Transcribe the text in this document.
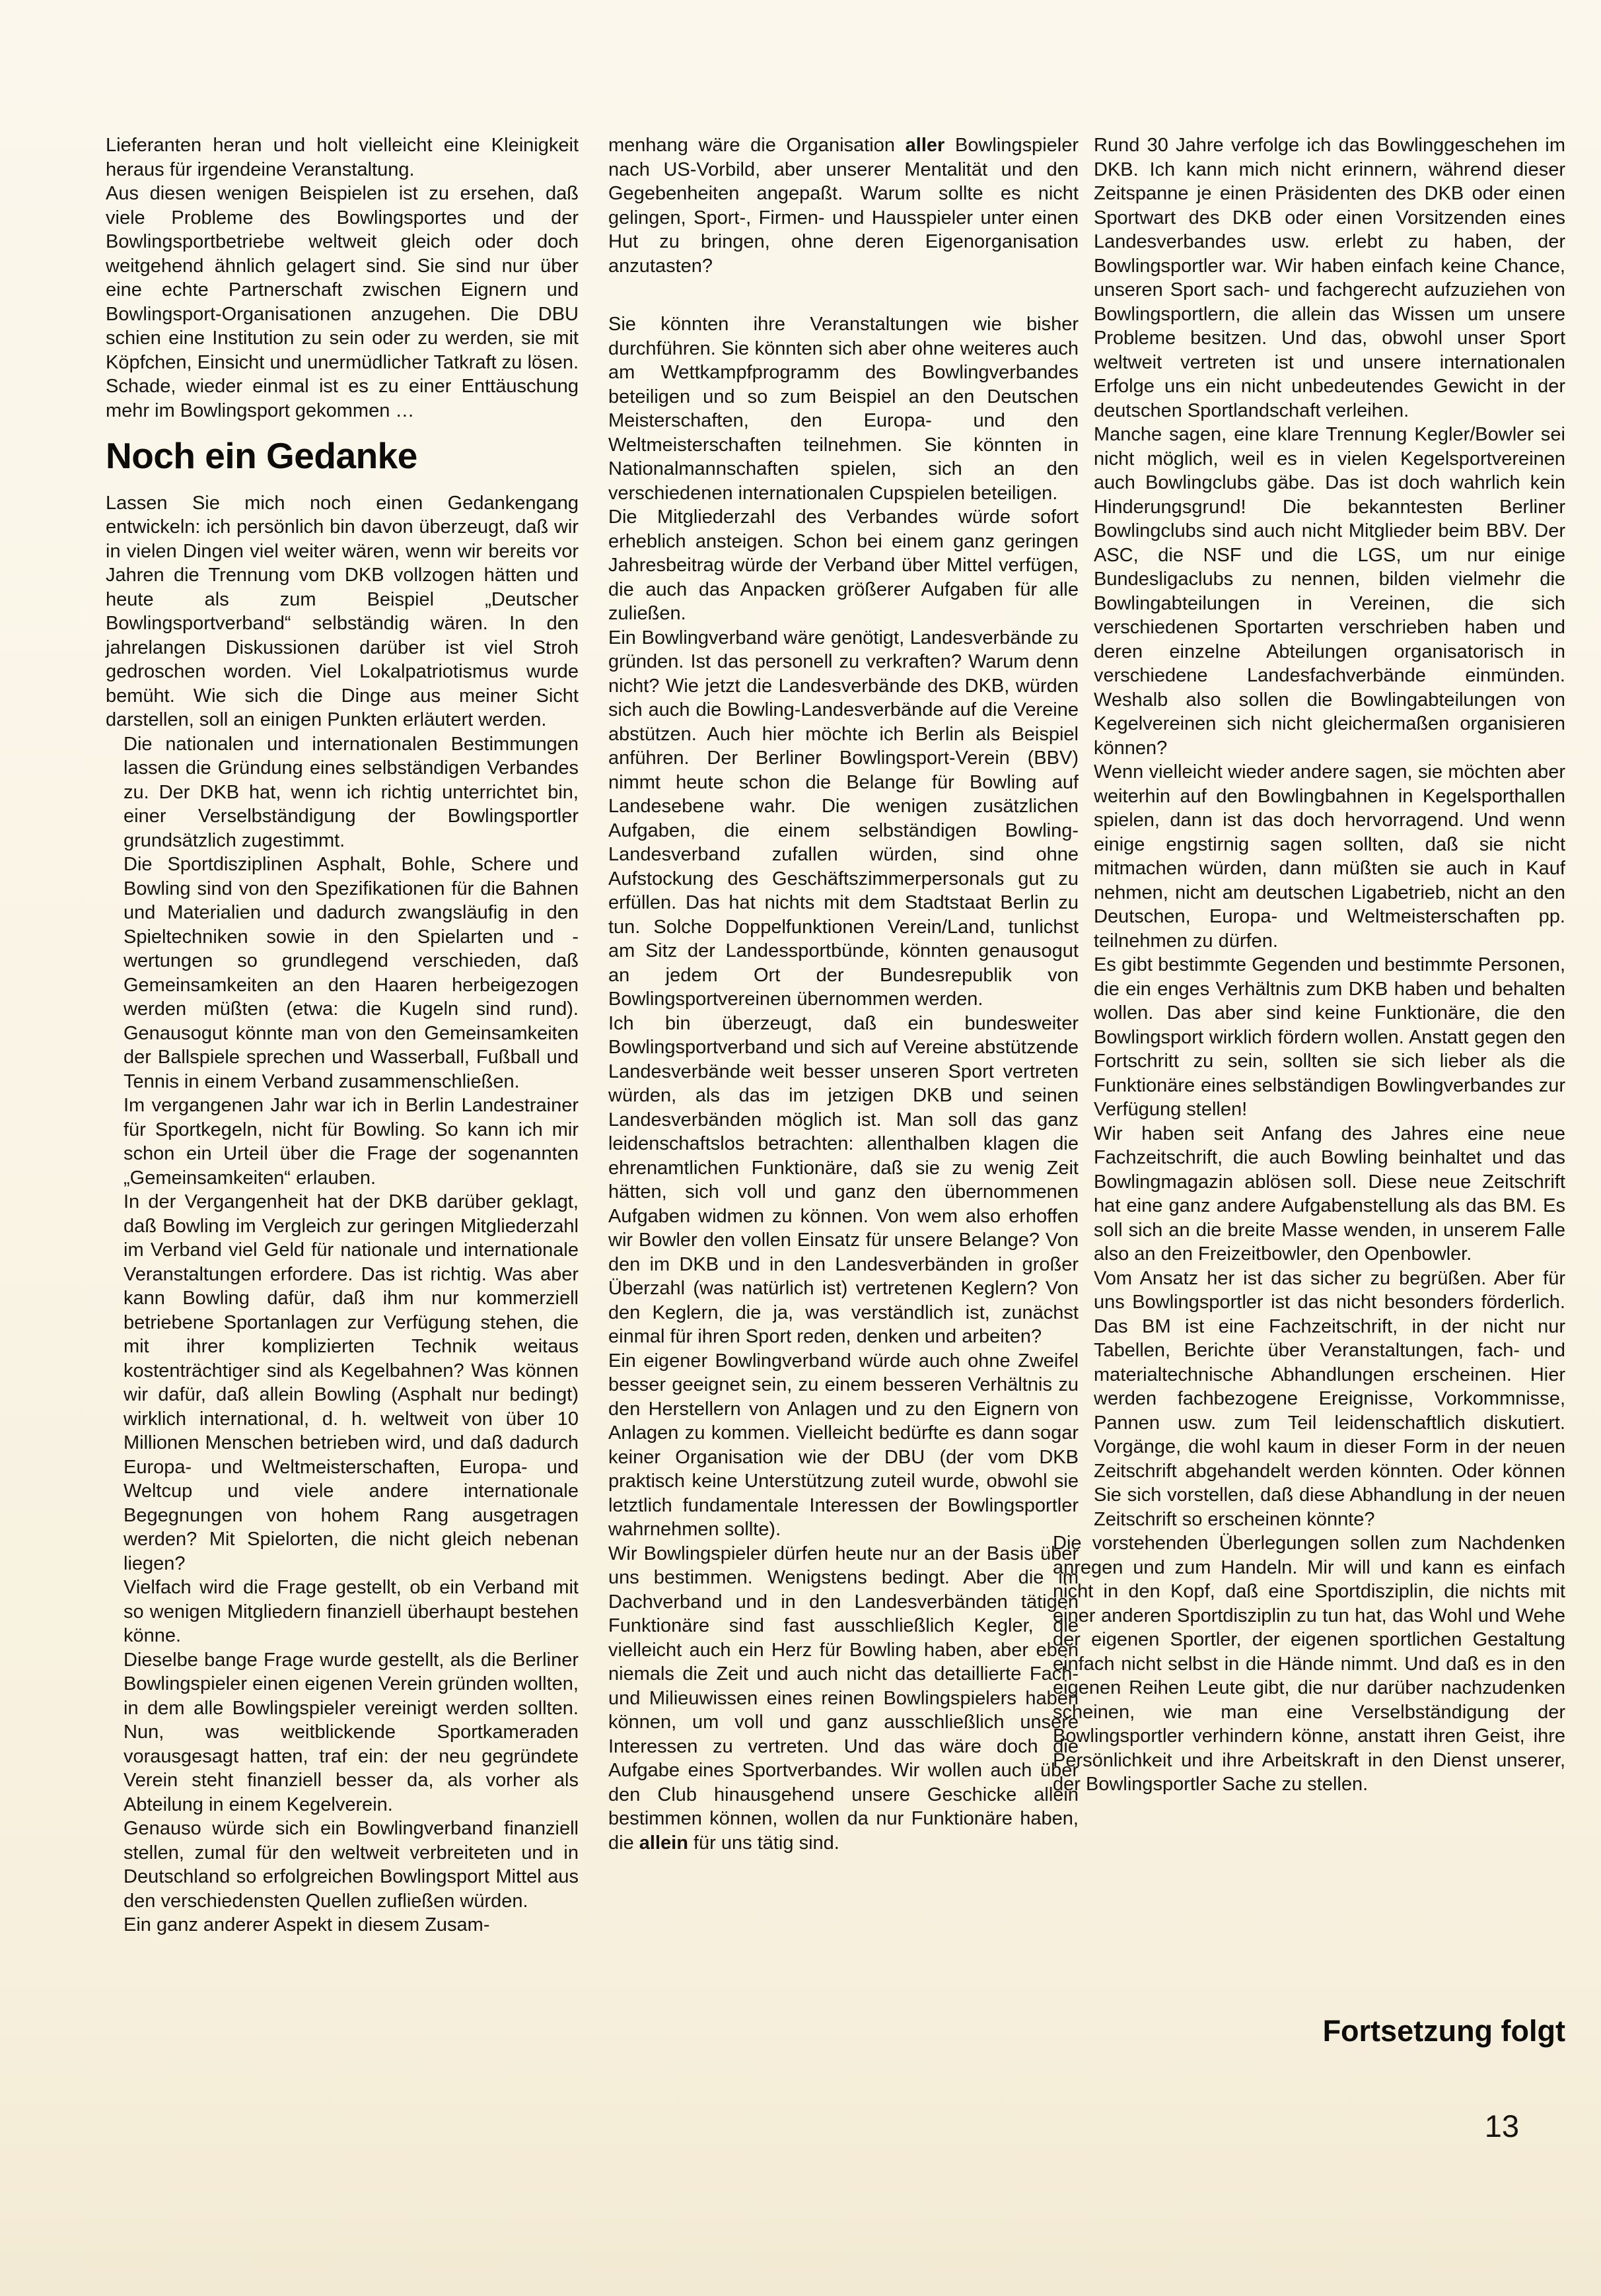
Lieferanten heran und holt vielleicht eine Kleinigkeit heraus für irgendeine Veranstaltung.

Aus diesen wenigen Beispielen ist zu ersehen, daß viele Probleme des Bowlingsportes und der Bowlingsportbetriebe weltweit gleich oder doch weitgehend ähnlich gelagert sind. Sie sind nur über eine echte Partnerschaft zwischen Eignern und Bowlingsport-Organisationen anzugehen. Die DBU schien eine Institution zu sein oder zu werden, sie mit Köpfchen, Einsicht und unermüdlicher Tatkraft zu lösen. Schade, wieder einmal ist es zu einer Enttäuschung mehr im Bowlingsport gekommen …

Noch ein Gedanke

Lassen Sie mich noch einen Gedankengang entwickeln: ich persönlich bin davon überzeugt, daß wir in vielen Dingen viel weiter wären, wenn wir bereits vor Jahren die Trennung vom DKB vollzogen hätten und heute als zum Beispiel „Deutscher Bowlingsportverband“ selbständig wären. In den jahrelangen Diskussionen darüber ist viel Stroh gedroschen worden. Viel Lokalpatriotismus wurde bemüht. Wie sich die Dinge aus meiner Sicht darstellen, soll an einigen Punkten erläutert werden.

Die nationalen und internationalen Bestimmungen lassen die Gründung eines selbständigen Verbandes zu. Der DKB hat, wenn ich richtig unterrichtet bin, einer Verselbständigung der Bowlingsportler grundsätzlich zugestimmt.

Die Sportdisziplinen Asphalt, Bohle, Schere und Bowling sind von den Spezifikationen für die Bahnen und Materialien und dadurch zwangsläufig in den Spieltechniken sowie in den Spielarten und -wertungen so grundlegend verschieden, daß Gemeinsamkeiten an den Haaren herbeigezogen werden müßten (etwa: die Kugeln sind rund). Genausogut könnte man von den Gemeinsamkeiten der Ballspiele sprechen und Wasserball, Fußball und Tennis in einem Verband zusammenschließen.

Im vergangenen Jahr war ich in Berlin Landestrainer für Sportkegeln, nicht für Bowling. So kann ich mir schon ein Urteil über die Frage der sogenannten „Gemeinsamkeiten“ erlauben.

In der Vergangenheit hat der DKB darüber geklagt, daß Bowling im Vergleich zur geringen Mitgliederzahl im Verband viel Geld für nationale und internationale Veranstaltungen erfordere. Das ist richtig. Was aber kann Bowling dafür, daß ihm nur kommerziell betriebene Sportanlagen zur Verfügung stehen, die mit ihrer komplizierten Technik weitaus kostenträchtiger sind als Kegelbahnen? Was können wir dafür, daß allein Bowling (Asphalt nur bedingt) wirklich international, d. h. weltweit von über 10 Millionen Menschen betrieben wird, und daß dadurch Europa- und Weltmeisterschaften, Europa- und Weltcup und viele andere internationale Begegnungen von hohem Rang ausgetragen werden? Mit Spielorten, die nicht gleich nebenan liegen?

Vielfach wird die Frage gestellt, ob ein Verband mit so wenigen Mitgliedern finanziell überhaupt bestehen könne.

Dieselbe bange Frage wurde gestellt, als die Berliner Bowlingspieler einen eigenen Verein gründen wollten, in dem alle Bowlingspieler vereinigt werden sollten. Nun, was weitblickende Sportkameraden vorausgesagt hatten, traf ein: der neu gegründete Verein steht finanziell besser da, als vorher als Abteilung in einem Kegelverein.

Genauso würde sich ein Bowlingverband finanziell stellen, zumal für den weltweit verbreiteten und in Deutschland so erfolgreichen Bowlingsport Mittel aus den verschiedensten Quellen zufließen würden.

Ein ganz anderer Aspekt in diesem Zusam-

menhang wäre die Organisation aller Bowlingspieler nach US-Vorbild, aber unserer Mentalität und den Gegebenheiten angepaßt. Warum sollte es nicht gelingen, Sport-, Firmen- und Hausspieler unter einen Hut zu bringen, ohne deren Eigenorganisation anzutasten?

Sie könnten ihre Veranstaltungen wie bisher durchführen. Sie könnten sich aber ohne weiteres auch am Wettkampfprogramm des Bowlingverbandes beteiligen und so zum Beispiel an den Deutschen Meisterschaften, den Europa- und den Weltmeisterschaften teilnehmen. Sie könnten in Nationalmannschaften spielen, sich an den verschiedenen internationalen Cupspielen beteiligen.

Die Mitgliederzahl des Verbandes würde sofort erheblich ansteigen. Schon bei einem ganz geringen Jahresbeitrag würde der Verband über Mittel verfügen, die auch das Anpacken größerer Aufgaben für alle zuließen.

Ein Bowlingverband wäre genötigt, Landesverbände zu gründen. Ist das personell zu verkraften? Warum denn nicht? Wie jetzt die Landesverbände des DKB, würden sich auch die Bowling-Landesverbände auf die Vereine abstützen. Auch hier möchte ich Berlin als Beispiel anführen. Der Berliner Bowlingsport-Verein (BBV) nimmt heute schon die Belange für Bowling auf Landesebene wahr. Die wenigen zusätzlichen Aufgaben, die einem selbständigen Bowling-Landesverband zufallen würden, sind ohne Aufstockung des Geschäftszimmerpersonals gut zu erfüllen. Das hat nichts mit dem Stadtstaat Berlin zu tun. Solche Doppelfunktionen Verein/Land, tunlichst am Sitz der Landessportbünde, könnten genausogut an jedem Ort der Bundesrepublik von Bowlingsportvereinen übernommen werden.

Ich bin überzeugt, daß ein bundesweiter Bowlingsportverband und sich auf Vereine abstützende Landesverbände weit besser unseren Sport vertreten würden, als das im jetzigen DKB und seinen Landesverbänden möglich ist. Man soll das ganz leidenschaftslos betrachten: allenthalben klagen die ehrenamtlichen Funktionäre, daß sie zu wenig Zeit hätten, sich voll und ganz den übernommenen Aufgaben widmen zu können. Von wem also erhoffen wir Bowler den vollen Einsatz für unsere Belange? Von den im DKB und in den Landesverbänden in großer Überzahl (was natürlich ist) vertretenen Keglern? Von den Keglern, die ja, was verständlich ist, zunächst einmal für ihren Sport reden, denken und arbeiten?

Ein eigener Bowlingverband würde auch ohne Zweifel besser geeignet sein, zu einem besseren Verhältnis zu den Herstellern von Anlagen und zu den Eignern von Anlagen zu kommen. Vielleicht bedürfte es dann sogar keiner Organisation wie der DBU (der vom DKB praktisch keine Unterstützung zuteil wurde, obwohl sie letztlich fundamentale Interessen der Bowlingsportler wahrnehmen sollte).

Wir Bowlingspieler dürfen heute nur an der Basis über uns bestimmen. Wenigstens bedingt. Aber die im Dachverband und in den Landesverbänden tätigen Funktionäre sind fast ausschließlich Kegler, die vielleicht auch ein Herz für Bowling haben, aber eben niemals die Zeit und auch nicht das detaillierte Fach- und Milieuwissen eines reinen Bowlingspielers haben können, um voll und ganz ausschließlich unsere Interessen zu vertreten. Und das wäre doch die Aufgabe eines Sportverbandes. Wir wollen auch über den Club hinausgehend unsere Geschicke allein bestimmen können, wollen da nur Funktionäre haben, die allein für uns tätig sind.

Rund 30 Jahre verfolge ich das Bowlinggeschehen im DKB. Ich kann mich nicht erinnern, während dieser Zeitspanne je einen Präsidenten des DKB oder einen Sportwart des DKB oder einen Vorsitzenden eines Landesverbandes usw. erlebt zu haben, der Bowlingsportler war. Wir haben einfach keine Chance, unseren Sport sach- und fachgerecht aufzuziehen von Bowlingsportlern, die allein das Wissen um unsere Probleme besitzen. Und das, obwohl unser Sport weltweit vertreten ist und unsere internationalen Erfolge uns ein nicht unbedeutendes Gewicht in der deutschen Sportlandschaft verleihen.

Manche sagen, eine klare Trennung Kegler/Bowler sei nicht möglich, weil es in vielen Kegelsportvereinen auch Bowlingclubs gäbe. Das ist doch wahrlich kein Hinderungsgrund! Die bekanntesten Berliner Bowlingclubs sind auch nicht Mitglieder beim BBV. Der ASC, die NSF und die LGS, um nur einige Bundesligaclubs zu nennen, bilden vielmehr die Bowlingabteilungen in Vereinen, die sich verschiedenen Sportarten verschrieben haben und deren einzelne Abteilungen organisatorisch in verschiedene Landesfachverbände einmünden. Weshalb also sollen die Bowlingabteilungen von Kegelvereinen sich nicht gleichermaßen organisieren können?

Wenn vielleicht wieder andere sagen, sie möchten aber weiterhin auf den Bowlingbahnen in Kegelsporthallen spielen, dann ist das doch hervorragend. Und wenn einige engstirnig sagen sollten, daß sie nicht mitmachen würden, dann müßten sie auch in Kauf nehmen, nicht am deutschen Ligabetrieb, nicht an den Deutschen, Europa- und Weltmeisterschaften pp. teilnehmen zu dürfen.

Es gibt bestimmte Gegenden und bestimmte Personen, die ein enges Verhältnis zum DKB haben und behalten wollen. Das aber sind keine Funktionäre, die den Bowlingsport wirklich fördern wollen. Anstatt gegen den Fortschritt zu sein, sollten sie sich lieber als die Funktionäre eines selbständigen Bowlingverbandes zur Verfügung stellen!

Wir haben seit Anfang des Jahres eine neue Fachzeitschrift, die auch Bowling beinhaltet und das Bowlingmagazin ablösen soll. Diese neue Zeitschrift hat eine ganz andere Aufgabenstellung als das BM. Es soll sich an die breite Masse wenden, in unserem Falle also an den Freizeitbowler, den Openbowler.

Vom Ansatz her ist das sicher zu begrüßen. Aber für uns Bowlingsportler ist das nicht besonders förderlich. Das BM ist eine Fachzeitschrift, in der nicht nur Tabellen, Berichte über Veranstaltungen, fach- und materialtechnische Abhandlungen erscheinen. Hier werden fachbezogene Ereignisse, Vorkommnisse, Pannen usw. zum Teil leidenschaftlich diskutiert. Vorgänge, die wohl kaum in dieser Form in der neuen Zeitschrift abgehandelt werden könnten. Oder können Sie sich vorstellen, daß diese Abhandlung in der neuen Zeitschrift so erscheinen könnte?

Die vorstehenden Überlegungen sollen zum Nachdenken anregen und zum Handeln. Mir will und kann es einfach nicht in den Kopf, daß eine Sportdisziplin, die nichts mit einer anderen Sportdisziplin zu tun hat, das Wohl und Wehe der eigenen Sportler, der eigenen sportlichen Gestaltung einfach nicht selbst in die Hände nimmt. Und daß es in den eigenen Reihen Leute gibt, die nur darüber nachzudenken scheinen, wie man eine Verselbständigung der Bowlingsportler verhindern könne, anstatt ihren Geist, ihre Persönlichkeit und ihre Arbeitskraft in den Dienst unserer, der Bowlingsportler Sache zu stellen.

Fortsetzung folgt
13
